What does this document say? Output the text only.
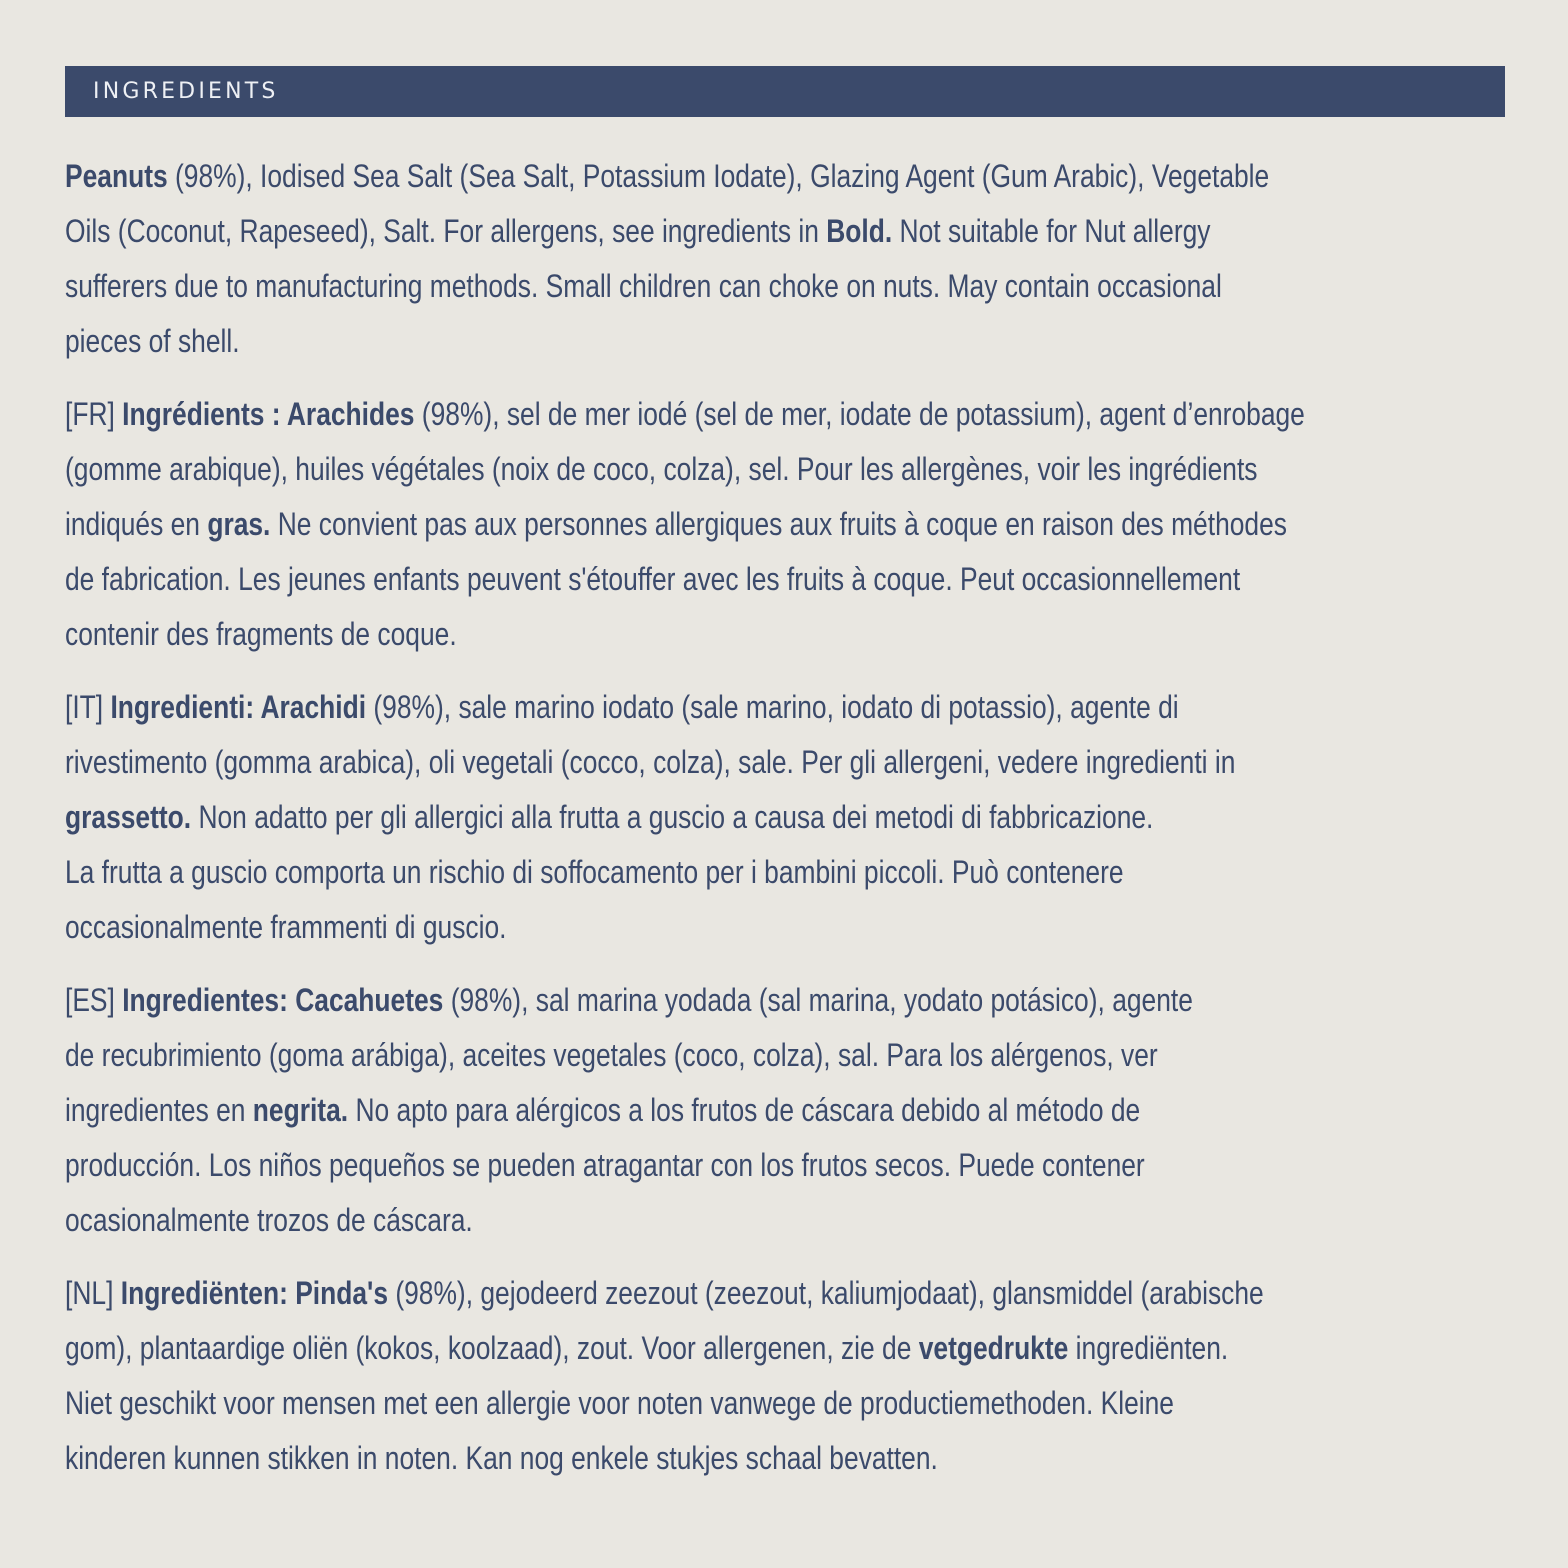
INGREDIENTS

Peanuts (98%), Iodised Sea Salt (Sea Salt, Potassium Iodate), Glazing Agent (Gum Arabic), Vegetable
Oils (Coconut, Rapeseed), Salt. For allergens, see ingredients in Bold. Not suitable for Nut allergy
sufferers due to manufacturing methods. Small children can choke on nuts. May contain occasional
pieces of shell.

[FR] Ingrédients : Arachides (98%), sel de mer iodé (sel de mer, iodate de potassium), agent d’enrobage
(gomme arabique), huiles végétales (noix de coco, colza), sel. Pour les allergènes, voir les ingrédients
indiqués en gras. Ne convient pas aux personnes allergiques aux fruits à coque en raison des méthodes
de fabrication. Les jeunes enfants peuvent s'étouffer avec les fruits à coque. Peut occasionnellement
contenir des fragments de coque.

[IT] Ingredienti: Arachidi (98%), sale marino iodato (sale marino, iodato di potassio), agente di
rivestimento (gomma arabica), oli vegetali (cocco, colza), sale. Per gli allergeni, vedere ingredienti in
grassetto. Non adatto per gli allergici alla frutta a guscio a causa dei metodi di fabbricazione.
La frutta a guscio comporta un rischio di soffocamento per i bambini piccoli. Può contenere
occasionalmente frammenti di guscio.

[ES] Ingredientes: Cacahuetes (98%), sal marina yodada (sal marina, yodato potásico), agente
de recubrimiento (goma arábiga), aceites vegetales (coco, colza), sal. Para los alérgenos, ver
ingredientes en negrita. No apto para alérgicos a los frutos de cáscara debido al método de
producción. Los niños pequeños se pueden atragantar con los frutos secos. Puede contener
ocasionalmente trozos de cáscara.

[NL] Ingrediënten: Pinda's (98%), gejodeerd zeezout (zeezout, kaliumjodaat), glansmiddel (arabische
gom), plantaardige oliën (kokos, koolzaad), zout. Voor allergenen, zie de vetgedrukte ingrediënten.
Niet geschikt voor mensen met een allergie voor noten vanwege de productiemethoden. Kleine
kinderen kunnen stikken in noten. Kan nog enkele stukjes schaal bevatten.
